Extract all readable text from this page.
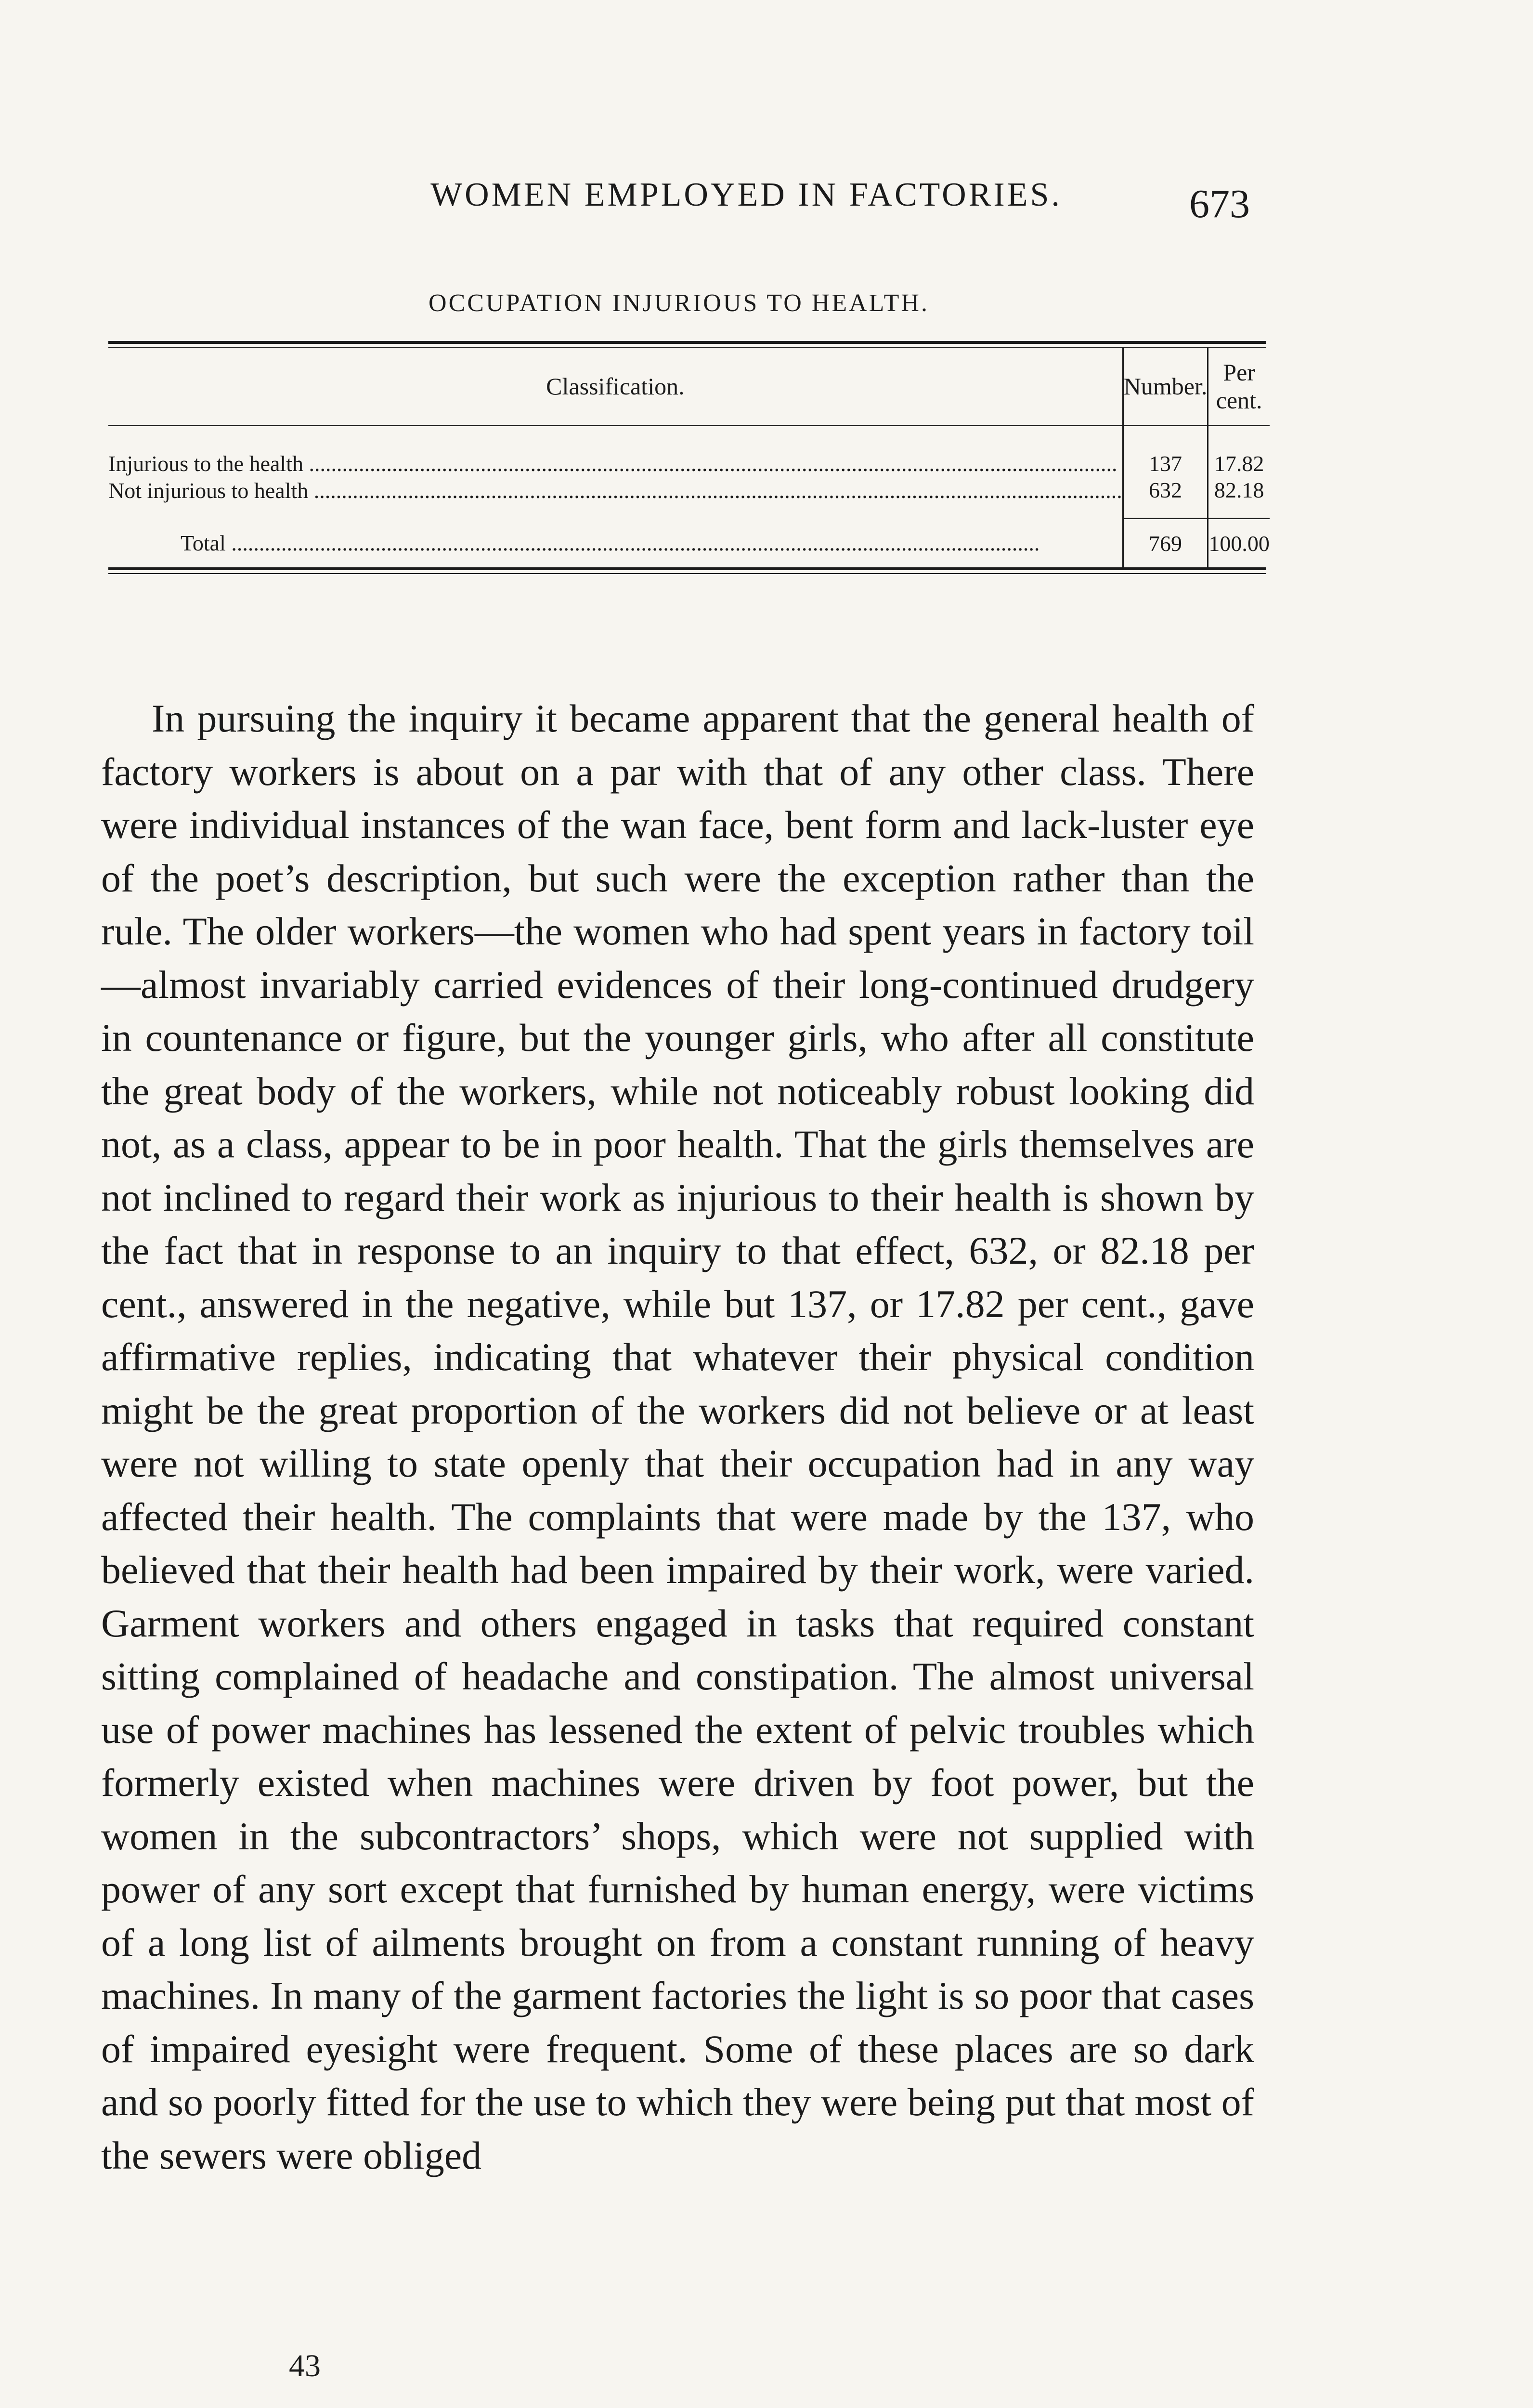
WOMEN EMPLOYED IN FACTORIES.	673
OCCUPATION INJURIOUS TO HEALTH.
Classification.	Number.	Per cent.

Injurious to the health .....	137	17.82
Not injurious to health .....	632	82.18
Total .....	769	100.00

In pursuing the inquiry it became apparent that the general health of factory workers is about on a par with that of any other class. There were individual instances of the wan face, bent form and lack-luster eye of the poet’s description, but such were the exception rather than the rule. The older workers—the women who had spent years in factory toil—almost invariably carried evidences of their long-continued drudgery in countenance or figure, but the younger girls, who after all constitute the great body of the workers, while not noticeably robust looking did not, as a class, appear to be in poor health. That the girls themselves are not inclined to regard their work as injurious to their health is shown by the fact that in response to an inquiry to that effect, 632, or 82.18 per cent., answered in the negative, while but 137, or 17.82 per cent., gave affirmative replies, indicating that whatever their physical condition might be the great proportion of the workers did not believe or at least were not willing to state openly that their occupation had in any way affected their health. The complaints that were made by the 137, who believed that their health had been impaired by their work, were varied. Garment workers and others engaged in tasks that required constant sitting complained of headache and constipation. The almost universal use of power machines has lessened the extent of pelvic troubles which formerly existed when machines were driven by foot power, but the women in the subcontractors’ shops, which were not supplied with power of any sort except that furnished by human energy, were victims of a long list of ailments brought on from a constant running of heavy machines. In many of the garment factories the light is so poor that cases of impaired eyesight were frequent. Some of these places are so dark and so poorly fitted for the use to which they were being put that most of the sewers were obliged

43
